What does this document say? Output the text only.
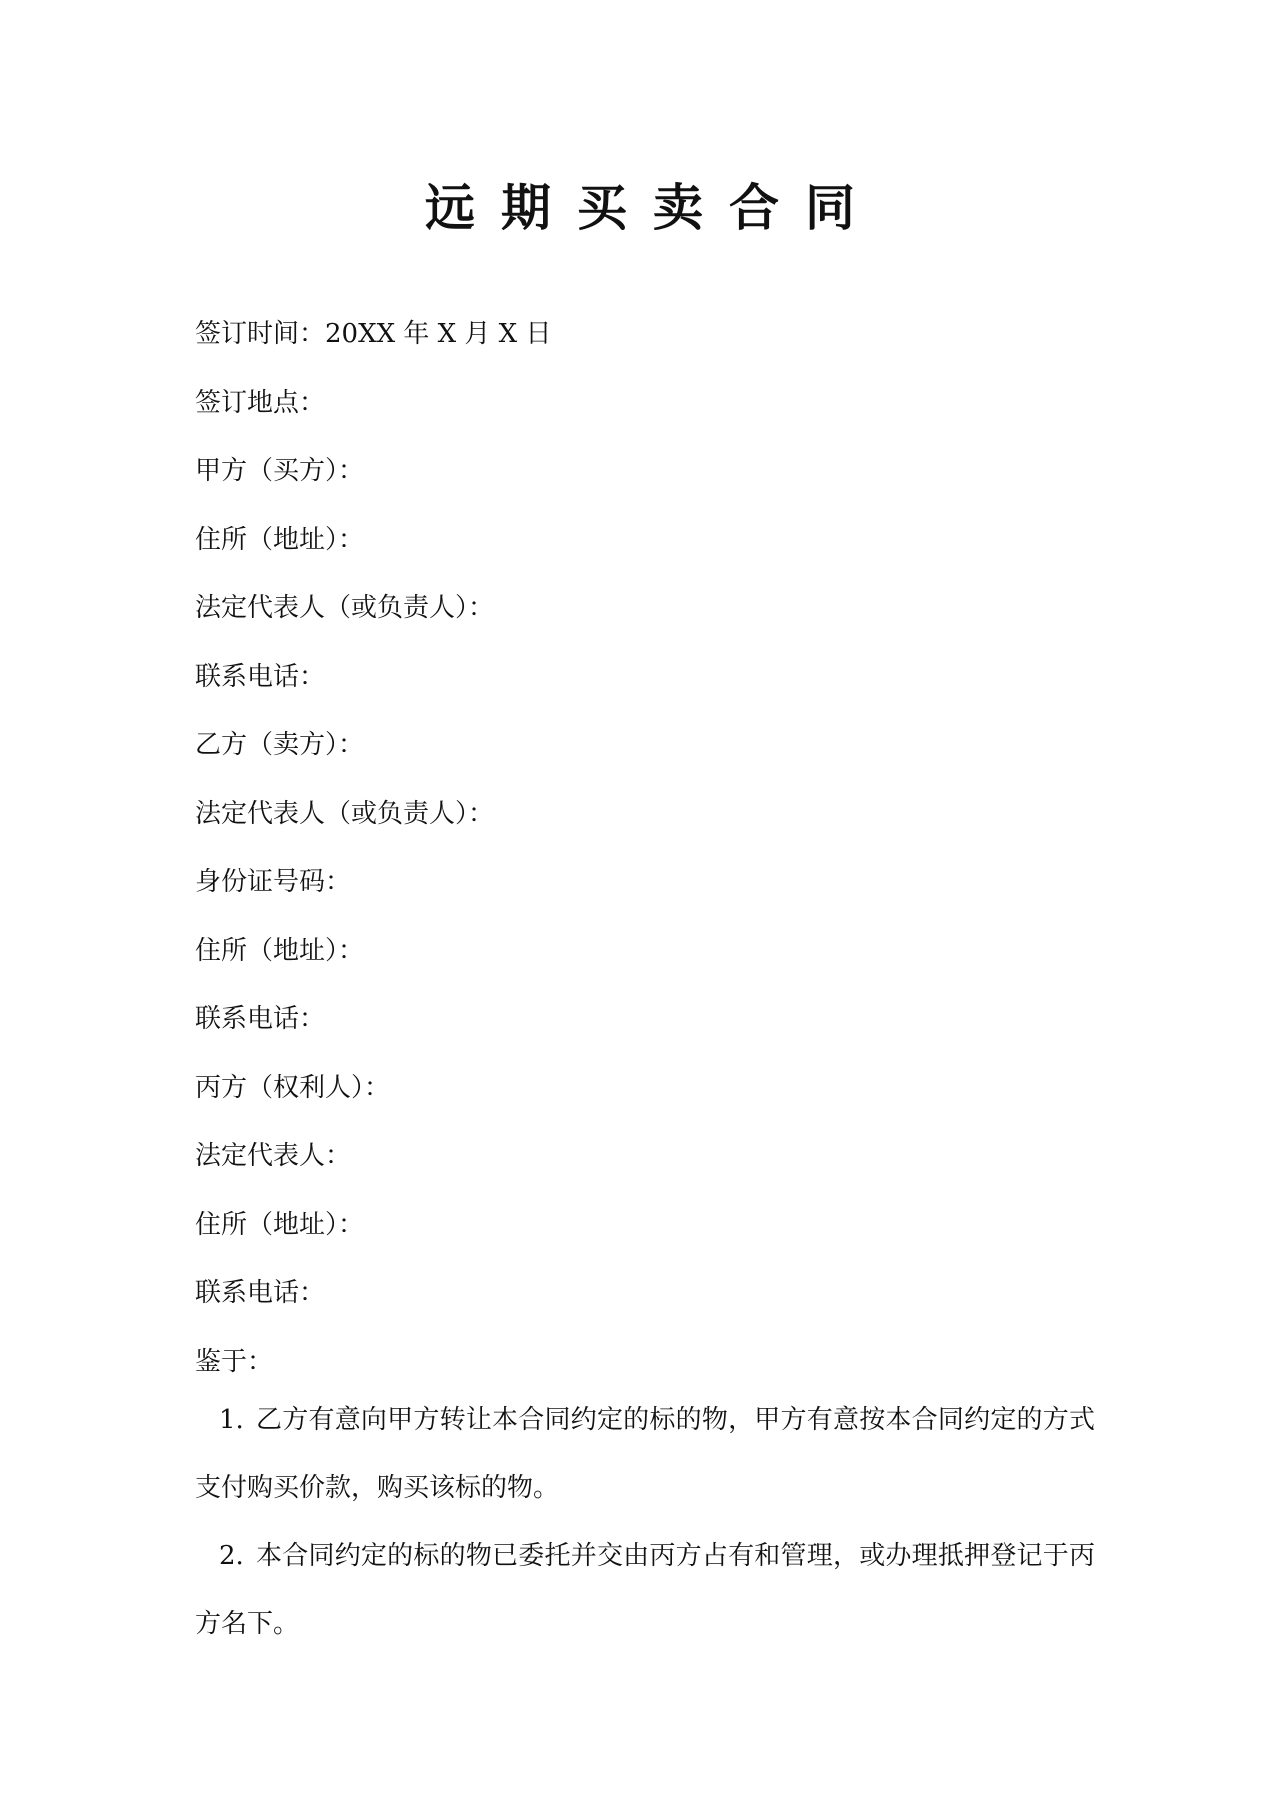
远期买卖合同
签订时间：20XX 年 X 月 X 日
签订地点：
甲方（买方）：
住所（地址）：
法定代表人（或负责人）：
联系电话：
乙方（卖方）：
法定代表人（或负责人）：
身份证号码：
住所（地址）：
联系电话：
丙方（权利人）：
法定代表人：
住所（地址）：
联系电话：
鉴于：

1. 乙方有意向甲方转让本合同约定的标的物，甲方有意按本合同约定的方式支付购买价款，购买该标的物。

2. 本合同约定的标的物已委托并交由丙方占有和管理，或办理抵押登记于丙方名下。
